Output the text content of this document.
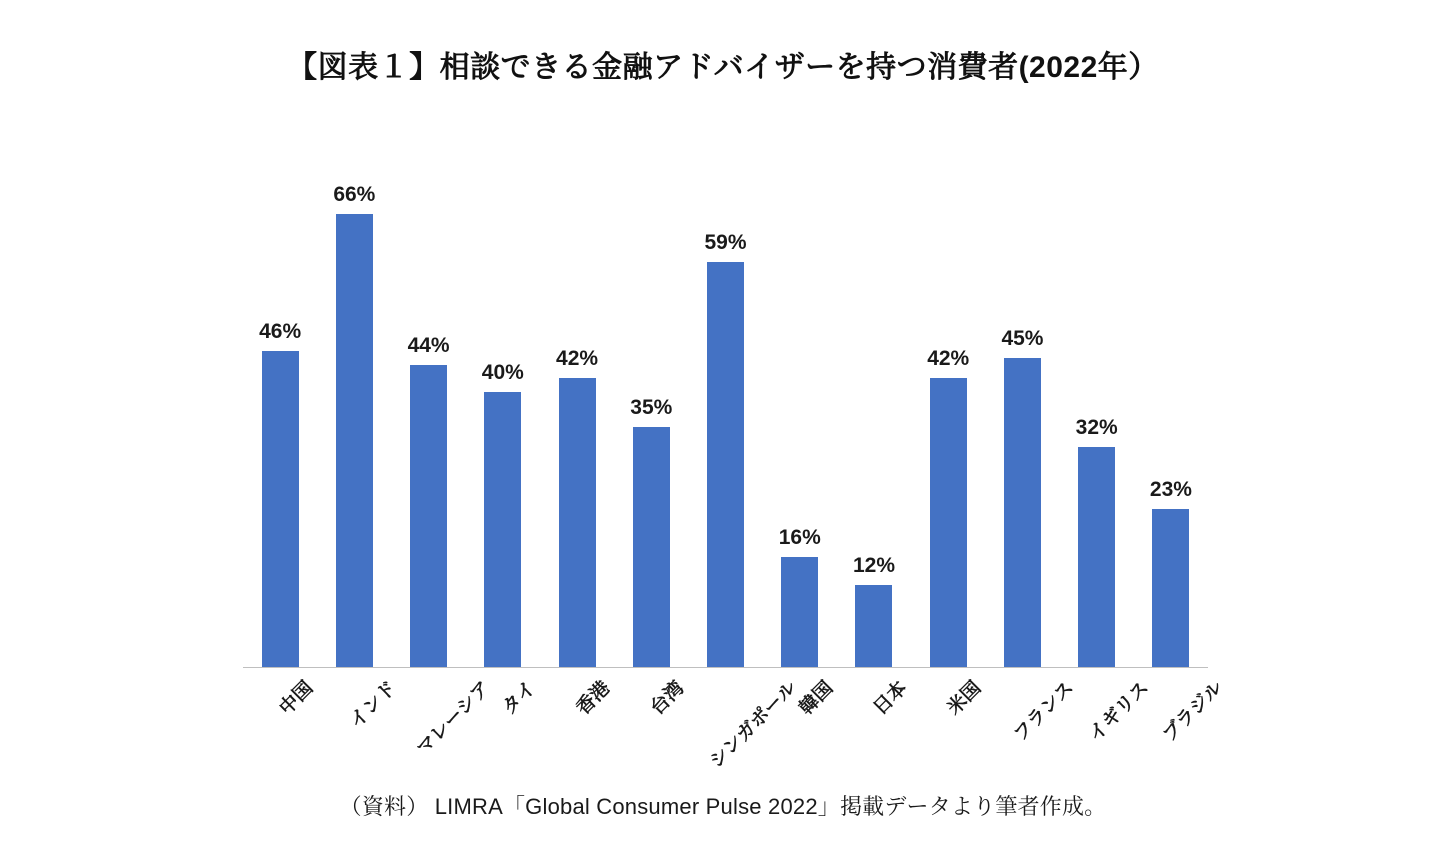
【図表１】相談できる金融アドバイザーを持つ消費者(2022年）
46%
66%
44%
40%
42%
35%
59%
16%
12%
42%
45%
32%
23%
中国 インド マレーシア タイ 香港 台湾 シンガポール
韓国 日本 米国 フランス イギリス ブラジル
（資料） LIMRA「Global Consumer Pulse 2022」掲載データより筆者作成。
